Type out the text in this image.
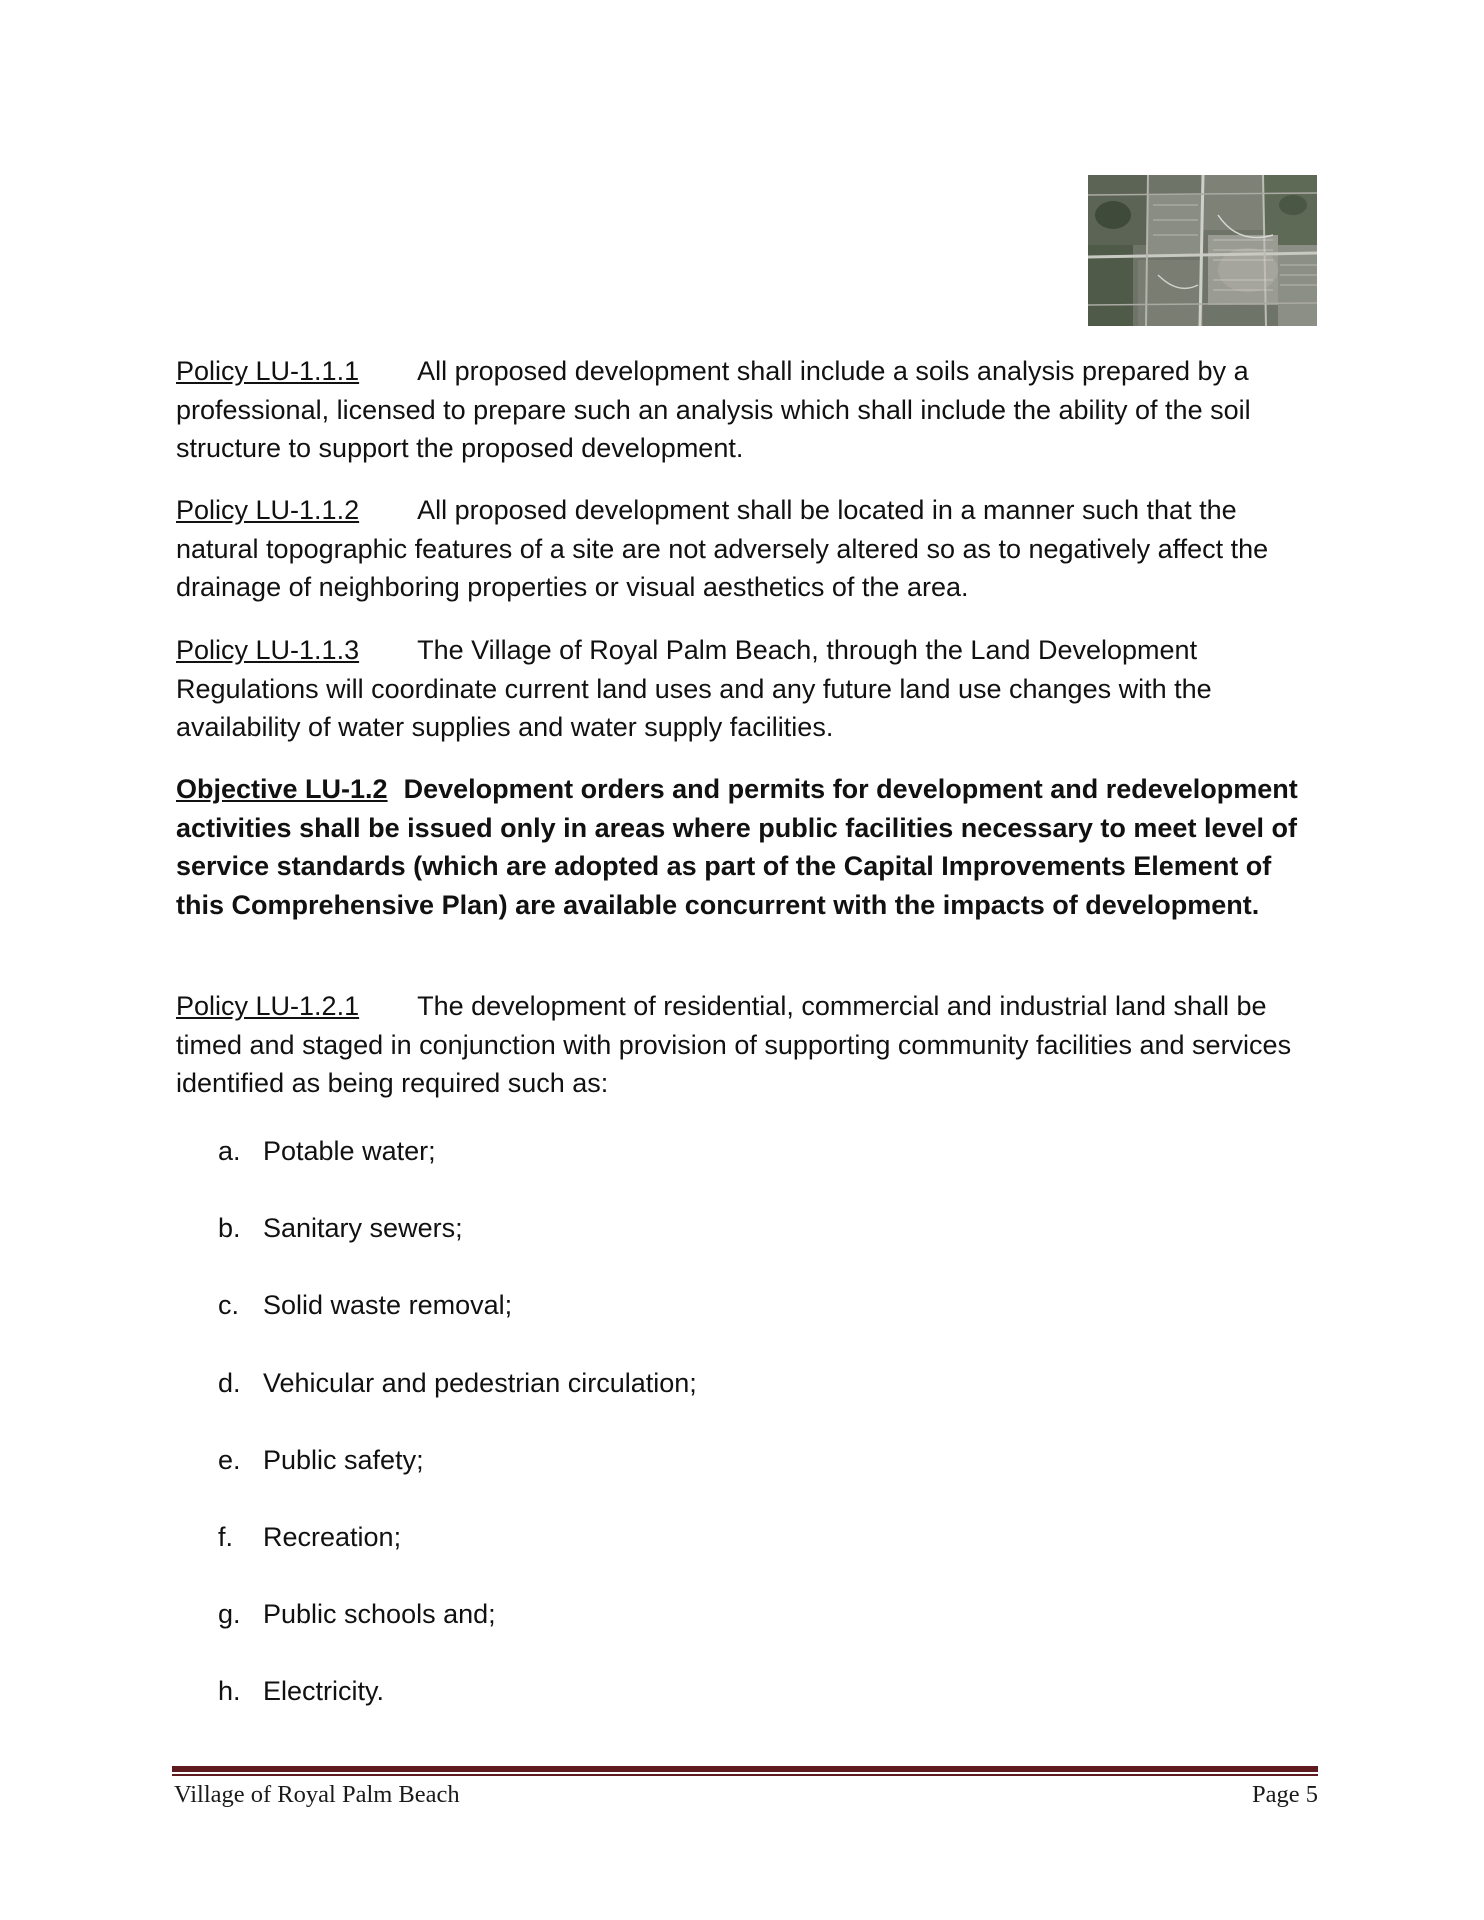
Policy LU-1.1.1 All proposed development shall include a soils analysis prepared by a professional, licensed to prepare such an analysis which shall include the ability of the soil structure to support the proposed development.

Policy LU-1.1.2 All proposed development shall be located in a manner such that the natural topographic features of a site are not adversely altered so as to negatively affect the drainage of neighboring properties or visual aesthetics of the area.

Policy LU-1.1.3 The Village of Royal Palm Beach, through the Land Development Regulations will coordinate current land uses and any future land use changes with the availability of water supplies and water supply facilities.

Objective LU-1.2 Development orders and permits for development and redevelopment activities shall be issued only in areas where public facilities necessary to meet level of service standards (which are adopted as part of the Capital Improvements Element of this Comprehensive Plan) are available concurrent with the impacts of development.

Policy LU-1.2.1 The development of residential, commercial and industrial land shall be timed and staged in conjunction with provision of supporting community facilities and services identified as being required such as:

a. Potable water;
b. Sanitary sewers;
c. Solid waste removal;
d. Vehicular and pedestrian circulation;
e. Public safety;
f. Recreation;
g. Public schools and;
h. Electricity.
Village of Royal Palm Beach	Page 5
